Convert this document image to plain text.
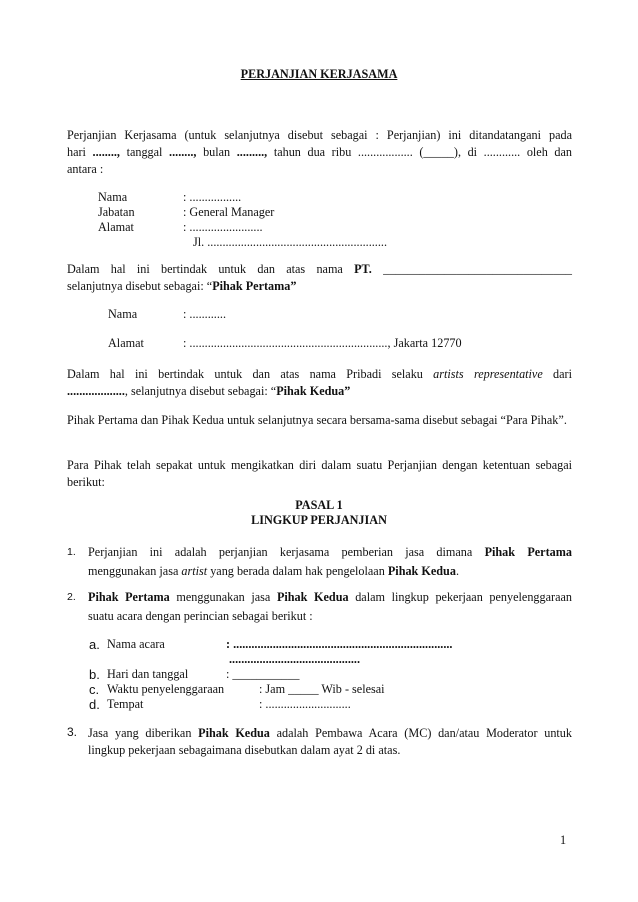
PERJANJIAN KERJASAMA
Perjanjian Kerjasama (untuk selanjutnya disebut sebagai : Perjanjian) ini ditandatangani pada
hari ........, tanggal ........, bulan ........., tahun dua ribu .................. (_____), di ............ oleh dan
antara :
Nama	: .................
Jabatan	: General Manager
Alamat	: ........................
Jl. ...........................................................
Dalam hal ini bertindak untuk dan atas nama PT. _______________________________
selanjutnya disebut sebagai: “Pihak Pertama”
Nama	: ............
Alamat	: ................................................................., Jakarta 12770
Dalam hal ini bertindak untuk dan atas nama Pribadi selaku artists representative dari
..................., selanjutnya disebut sebagai: “Pihak Kedua”
Pihak Pertama dan Pihak Kedua untuk selanjutnya secara bersama-sama disebut sebagai “Para Pihak”.
Para Pihak telah sepakat untuk mengikatkan diri dalam suatu Perjanjian dengan ketentuan sebagai berikut:
PASAL 1
LINGKUP PERJANJIAN
1. Perjanjian ini adalah perjanjian kerjasama pemberian jasa dimana Pihak Pertama
menggunakan jasa artist yang berada dalam hak pengelolaan Pihak Kedua.
2. Pihak Pertama menggunakan jasa Pihak Kedua dalam lingkup pekerjaan penyelenggaraan
suatu acara dengan perincian sebagai berikut :
a. Nama acara	: ........................................................................
...........................................
b. Hari dan tanggal	: ___________
c. Waktu penyelenggaraan	: Jam _____ Wib - selesai
d. Tempat	: ............................
3. Jasa yang diberikan Pihak Kedua adalah Pembawa Acara (MC) dan/atau Moderator untuk
lingkup pekerjaan sebagaimana disebutkan dalam ayat 2 di atas.
1
